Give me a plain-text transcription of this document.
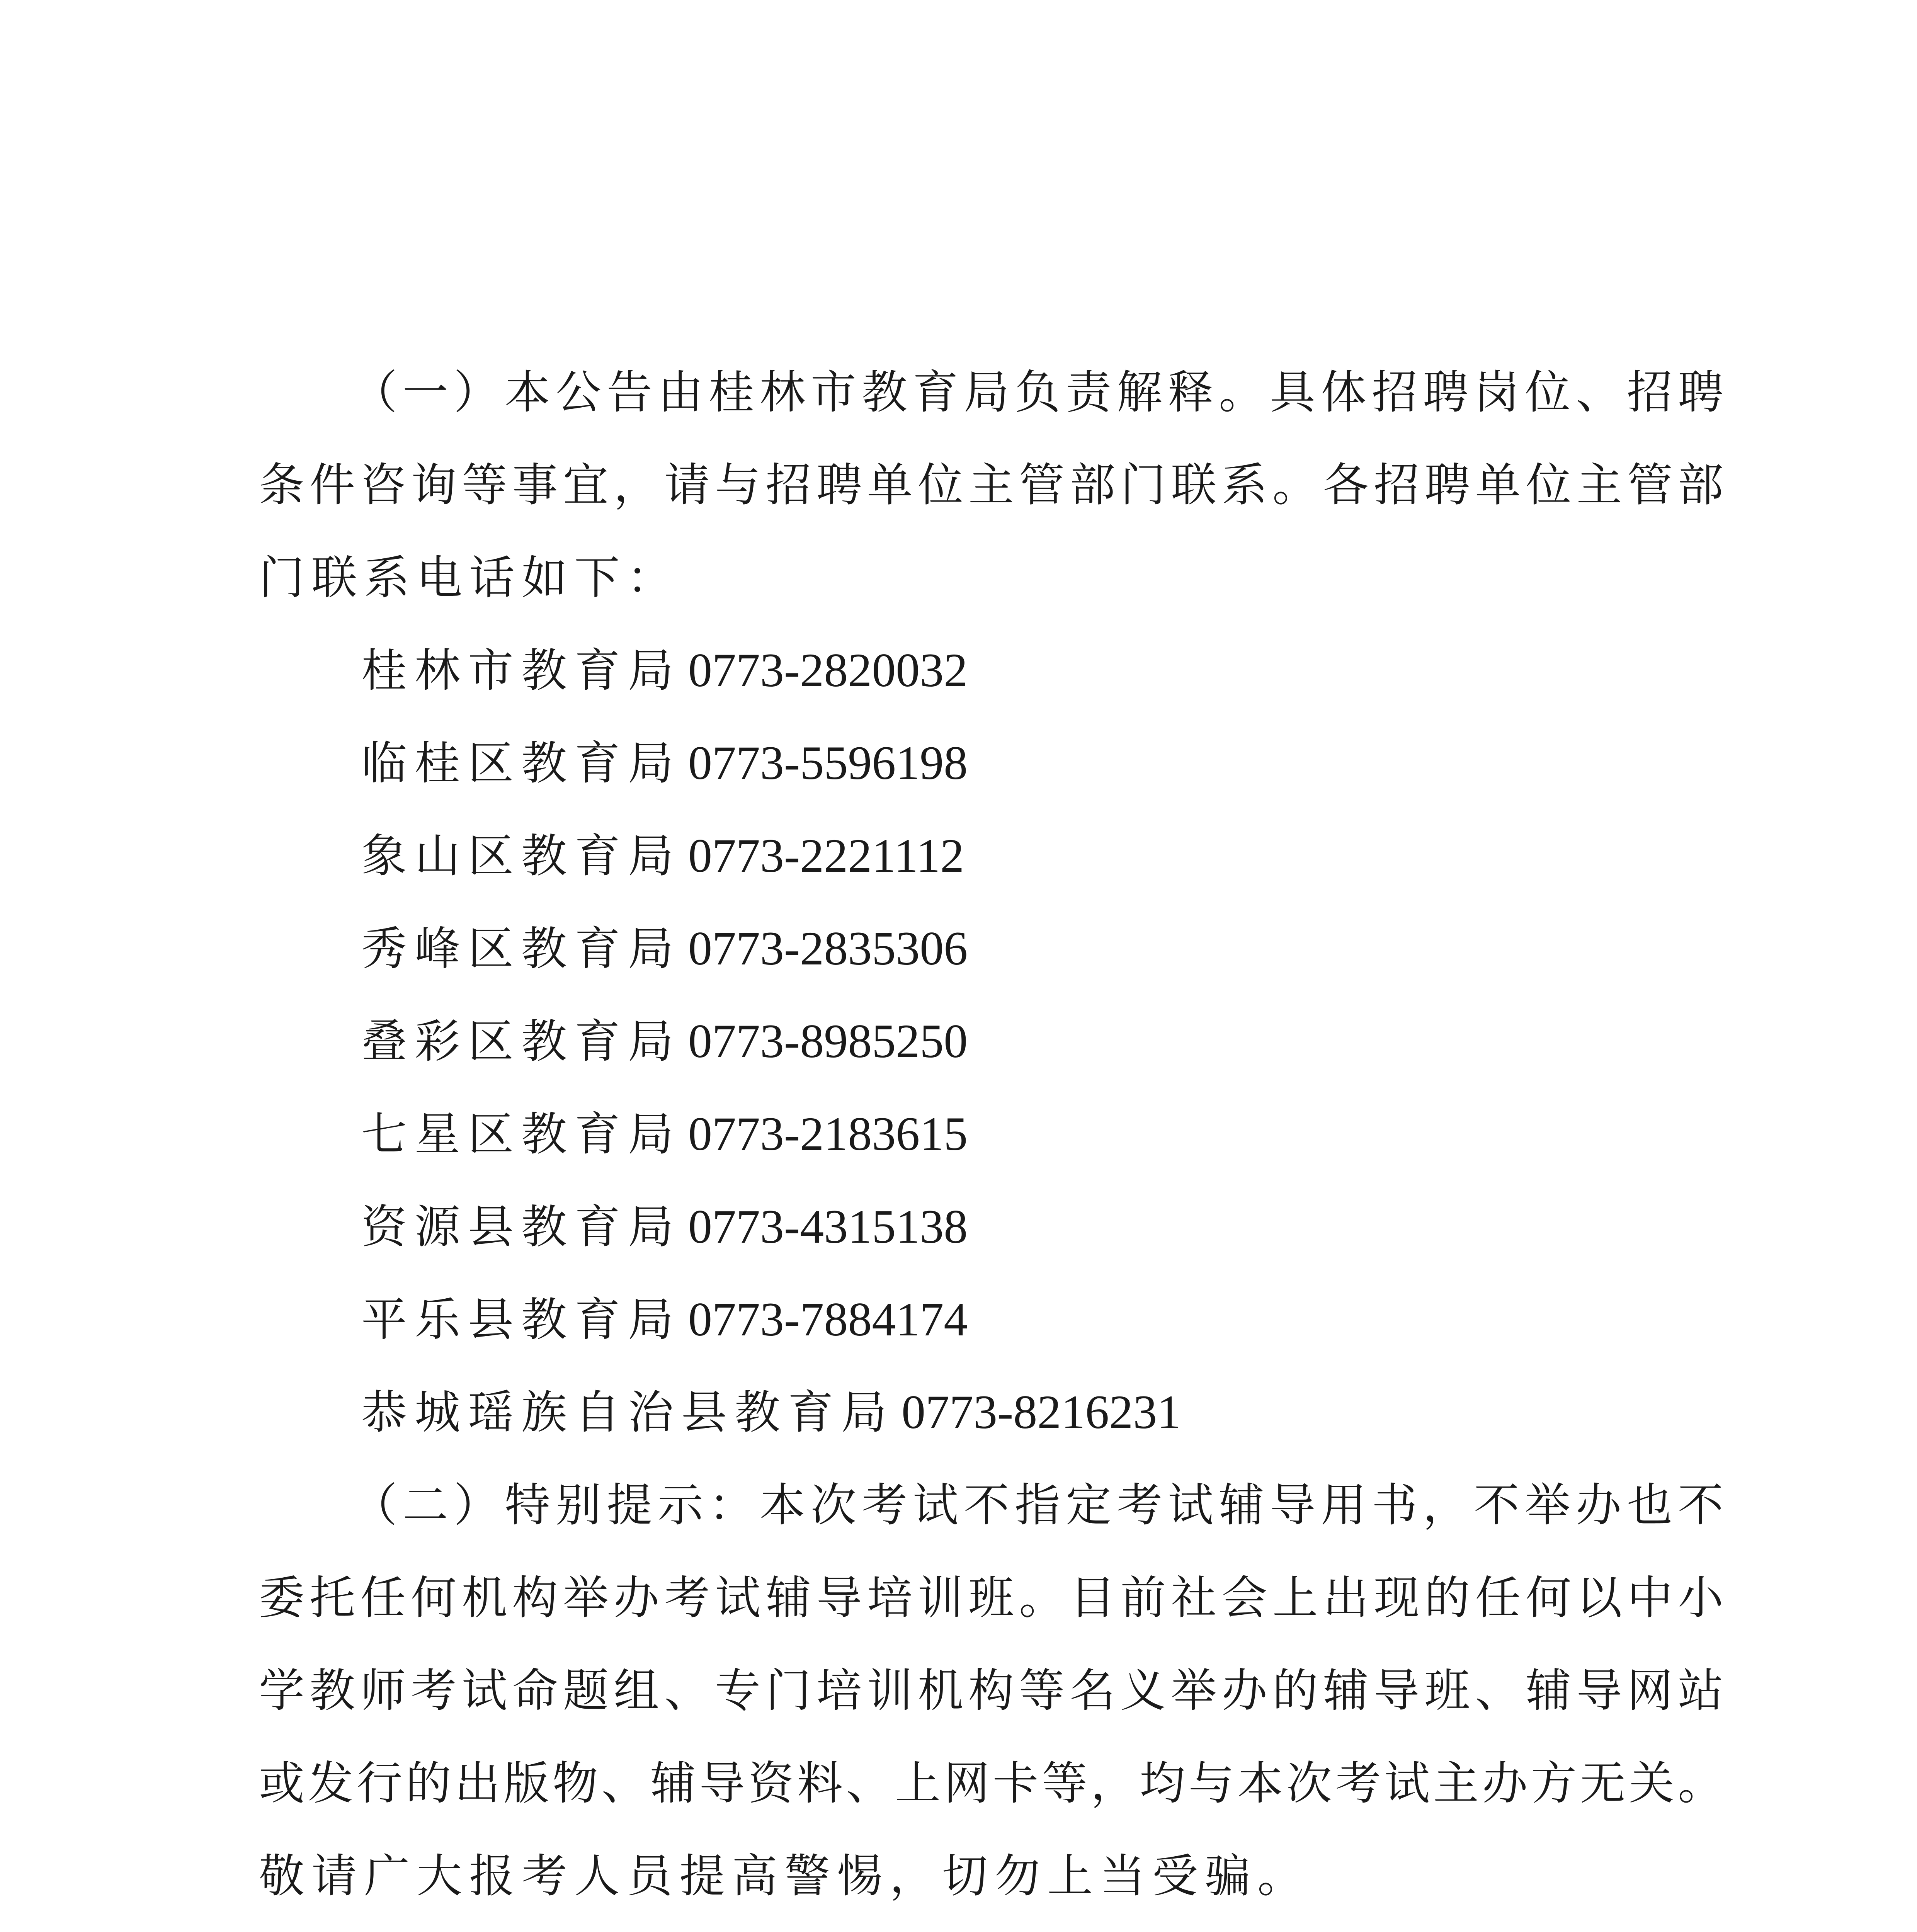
（一）本公告由桂林市教育局负责解释。具体招聘岗位、招聘
条件咨询等事宜，请与招聘单位主管部门联系。各招聘单位主管部
门联系电话如下：
桂林市教育局 0773-2820032
临桂区教育局 0773-5596198
象山区教育局 0773-2221112
秀峰区教育局 0773-2835306
叠彩区教育局 0773-8985250
七星区教育局 0773-2183615
资源县教育局 0773-4315138
平乐县教育局 0773-7884174
恭城瑶族自治县教育局 0773-8216231
（二）特别提示：本次考试不指定考试辅导用书，不举办也不
委托任何机构举办考试辅导培训班。目前社会上出现的任何以中小
学教师考试命题组、专门培训机构等名义举办的辅导班、辅导网站
或发行的出版物、辅导资料、上网卡等，均与本次考试主办方无关。
敬请广大报考人员提高警惕，切勿上当受骗。
